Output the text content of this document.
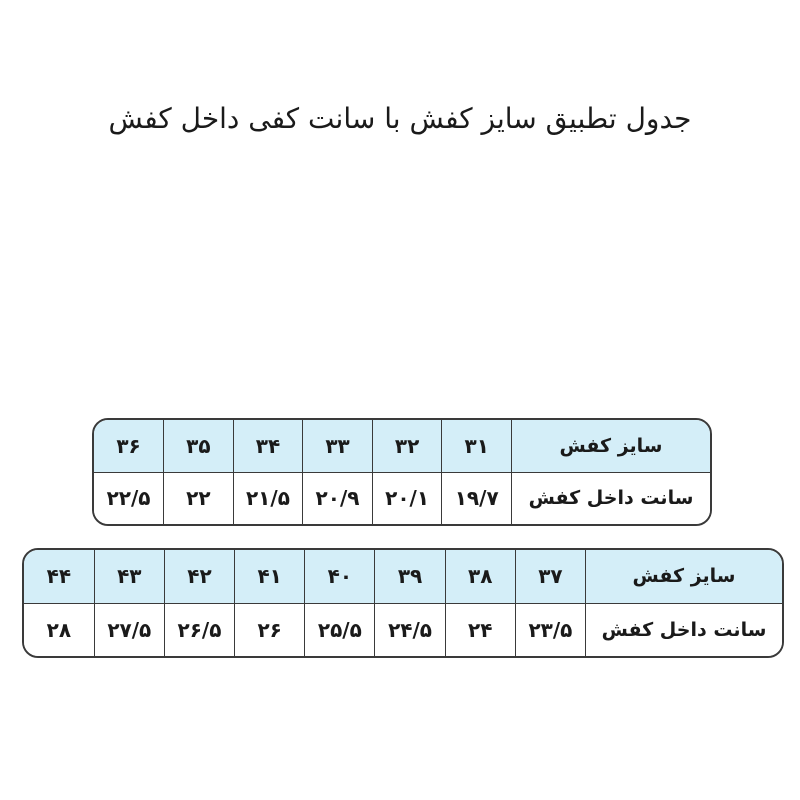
جدول تطبیق سایز کفش با سانت کفی داخل کفش
۳۶	۳۵	۳۴	۳۳	۳۲	۳۱	سایز کفش
۲۲/۵	۲۲	۲۱/۵	۲۰/۹	۲۰/۱	۱۹/۷	سانت داخل کفش
۴۴	۴۳	۴۲	۴۱	۴۰	۳۹	۳۸	۳۷	سایز کفش
۲۸	۲۷/۵	۲۶/۵	۲۶	۲۵/۵	۲۴/۵	۲۴	۲۳/۵	سانت داخل کفش
